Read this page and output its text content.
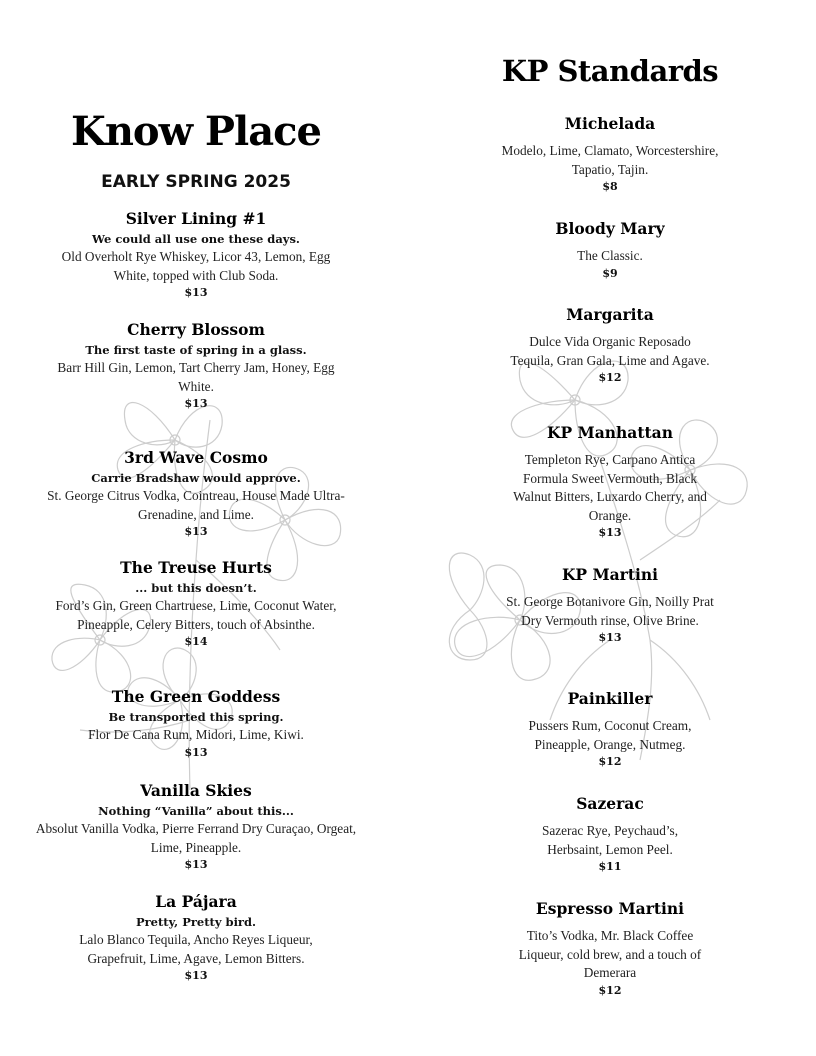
Know Place
EARLY SPRING 2025
Silver Lining #1
We could all use one these days.
Old Overholt Rye Whiskey, Licor 43, Lemon, Egg White, topped with Club Soda.
$13
Cherry Blossom
The first taste of spring in a glass.
Barr Hill Gin, Lemon, Tart Cherry Jam, Honey, Egg White.
$13
3rd Wave Cosmo
Carrie Bradshaw would approve.
St. George Citrus Vodka, Cointreau, House Made Ultra-Grenadine, and Lime.
$13
The Treuse Hurts
... but this doesn’t.
Ford’s Gin, Green Chartruese, Lime, Coconut Water, Pineapple, Celery Bitters, touch of Absinthe.
$14
The Green Goddess
Be transported this spring.
Flor De Cana Rum, Midori, Lime, Kiwi.
$13
Vanilla Skies
Nothing “Vanilla” about this...
Absolut Vanilla Vodka, Pierre Ferrand Dry Curaçao, Orgeat, Lime, Pineapple.
$13
La Pájara
Pretty, Pretty bird.
Lalo Blanco Tequila, Ancho Reyes Liqueur, Grapefruit, Lime, Agave, Lemon Bitters.
$13
KP Standards
Michelada
Modelo, Lime, Clamato, Worcestershire, Tapatio, Tajin.
$8
Bloody Mary
The Classic.
$9
Margarita
Dulce Vida Organic Reposado Tequila, Gran Gala, Lime and Agave.
$12
KP Manhattan
Templeton Rye, Carpano Antica Formula Sweet Vermouth, Black Walnut Bitters, Luxardo Cherry, and Orange.
$13
KP Martini
St. George Botanivore Gin, Noilly Prat Dry Vermouth rinse, Olive Brine.
$13
Painkiller
Pussers Rum, Coconut Cream, Pineapple, Orange, Nutmeg.
$12
Sazerac
Sazerac Rye, Peychaud’s, Herbsaint, Lemon Peel.
$11
Espresso Martini
Tito’s Vodka, Mr. Black Coffee Liqueur, cold brew, and a touch of Demerara
$12
